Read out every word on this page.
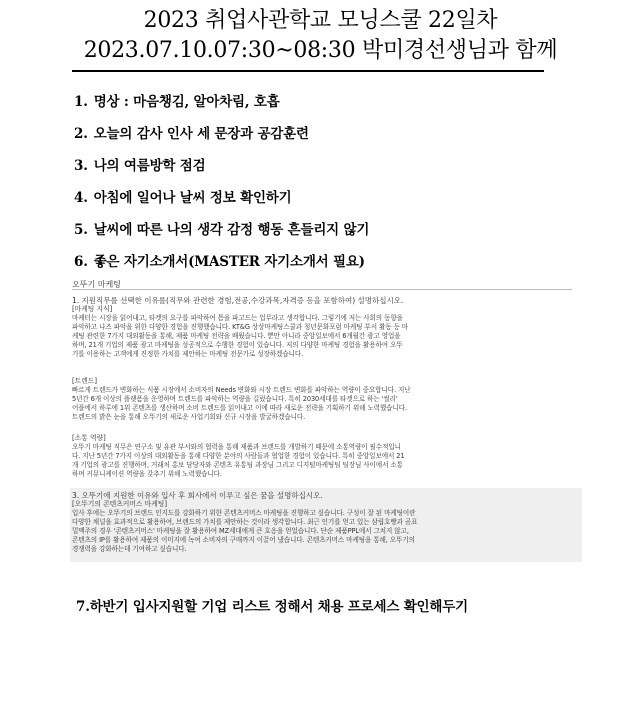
2023 취업사관학교 모닝스쿨 22일차

2023.07.10.07:30~08:30 박미경선생님과 함께

1. 명상 : 마음챙김, 알아차림, 호흡
2. 오늘의 감사 인사 세 문장과 공감훈련
3. 나의 여름방학 점검
4. 아침에 일어나 날씨 정보 확인하기
5. 날씨에 따른 나의 생각 감정 행동 흔들리지 않기
6. 좋은 자기소개서(MASTER 자기소개서 필요)
오뚜기 마케팅

1. 지원직무를 선택한 이유를(직무와 관련한 경험,전공,수강과목,자격증 등을 포함하여) 설명하십시오.

[마케팅 지식]

마케터는 시장을 읽어내고, 타겟의 요구를 파악하여 틈을 파고드는 업무라고 생각합니다. 그렇기에 저는 사회의 동향을

파악하고 나즈 파악을 위한 다양한 경험을 진행했습니다. KT&G 상상마케팅스쿨과 청년문화포럼 마케팅 부서 활동 등 마

케팅 관련한 7가지 대외활동을 통해, 제품 마케팅 전략을 배웠습니다. 뿐만 아니라 중앙일보에서 6개월간 광고 영업을

하며, 21개 기업의 제품 광고 마케팅을 성공적으로 수행한 경험이 있습니다. 저의 다양한 마케팅 경험을 활용하여 오뚜

기를 이용하는 고객에게 진정한 가치를 제안하는 마케팅 전문가로 성장하겠습니다.

[트렌드]

빠르게 트렌드가 변화하는 식품 시장에서 소비자의 Needs 변화와 시장 트렌드 변화를 파악하는 역량이 중요합니다. 지난

5년간 6개 이상의 플랫폼을 운영하며 트렌드를 파악하는 역량을 길렀습니다. 특히 2030세대를 타겟으로 하는 '썰리'

어플에서 하루에 1위 콘텐츠를 생산하며 소비 트렌드를 읽어내고 이에 따라 새로운 전략을 기획하기 위해 노력했습니다.

트렌드의 밝은 눈을 통해 오뚜기의 새로운 사업기회와 신규 시장을 발굴하겠습니다.

[소통 역량]

오뚜기 마케팅 직무은 연구소 및 유관 부서와의 협력을 통해 제품과 브랜드를 개발하기 때문에 소통역량이 필수적입니

다. 지난 5년간 7가지 이상의 대외활동을 통해 다양한 분야의 사람들과 협업한 경험이 있습니다. 특히 중앙일보에서 21

개 기업의 광고를 진행하며, 거래처 홍보 담당자와 콘텐츠 유통팀 과장님 그리고 디지털마케팅팀 팀장님 사이에서 소통

하며 커뮤니케이션 역량을 갖추기 위해 노력했습니다.

3. 오뚜기에 지원한 이유와 입사 후 회사에서 이루고 싶은 꿈을 설명하십시오.

[오뚜기의 콘텐츠커머스 마케팅]

입사 후에는 오뚜기의 브랜드 인지도를 강화하기 위한 콘텐츠커머스 마케팅을 진행하고 싶습니다. 구성이 잘 된 마케팅이란

다양한 채널을 효과적으로 활용하여, 브랜드의 가치를 제안하는 것이라 생각합니다. 최근 인기를 얻고 있는 삼립호빵과 곰표

밀맥주의 경우 '콘텐츠커머스' 마케팅을 잘 활용하여 MZ세대에게 큰 호응을 얻었습니다. 단순 제품PPL에서 그치지 않고,

콘텐츠의 IP를 활용하여 제품의 이미지에 녹여 소비자의 구매까지 이끌어 냈습니다. 콘텐츠커머스 마케팅을 통해, 오뚜기의

경쟁력을 강화하는데 기여하고 싶습니다.

7.하반기 입사지원할 기업 리스트 정해서 채용 프로세스 확인해두기
